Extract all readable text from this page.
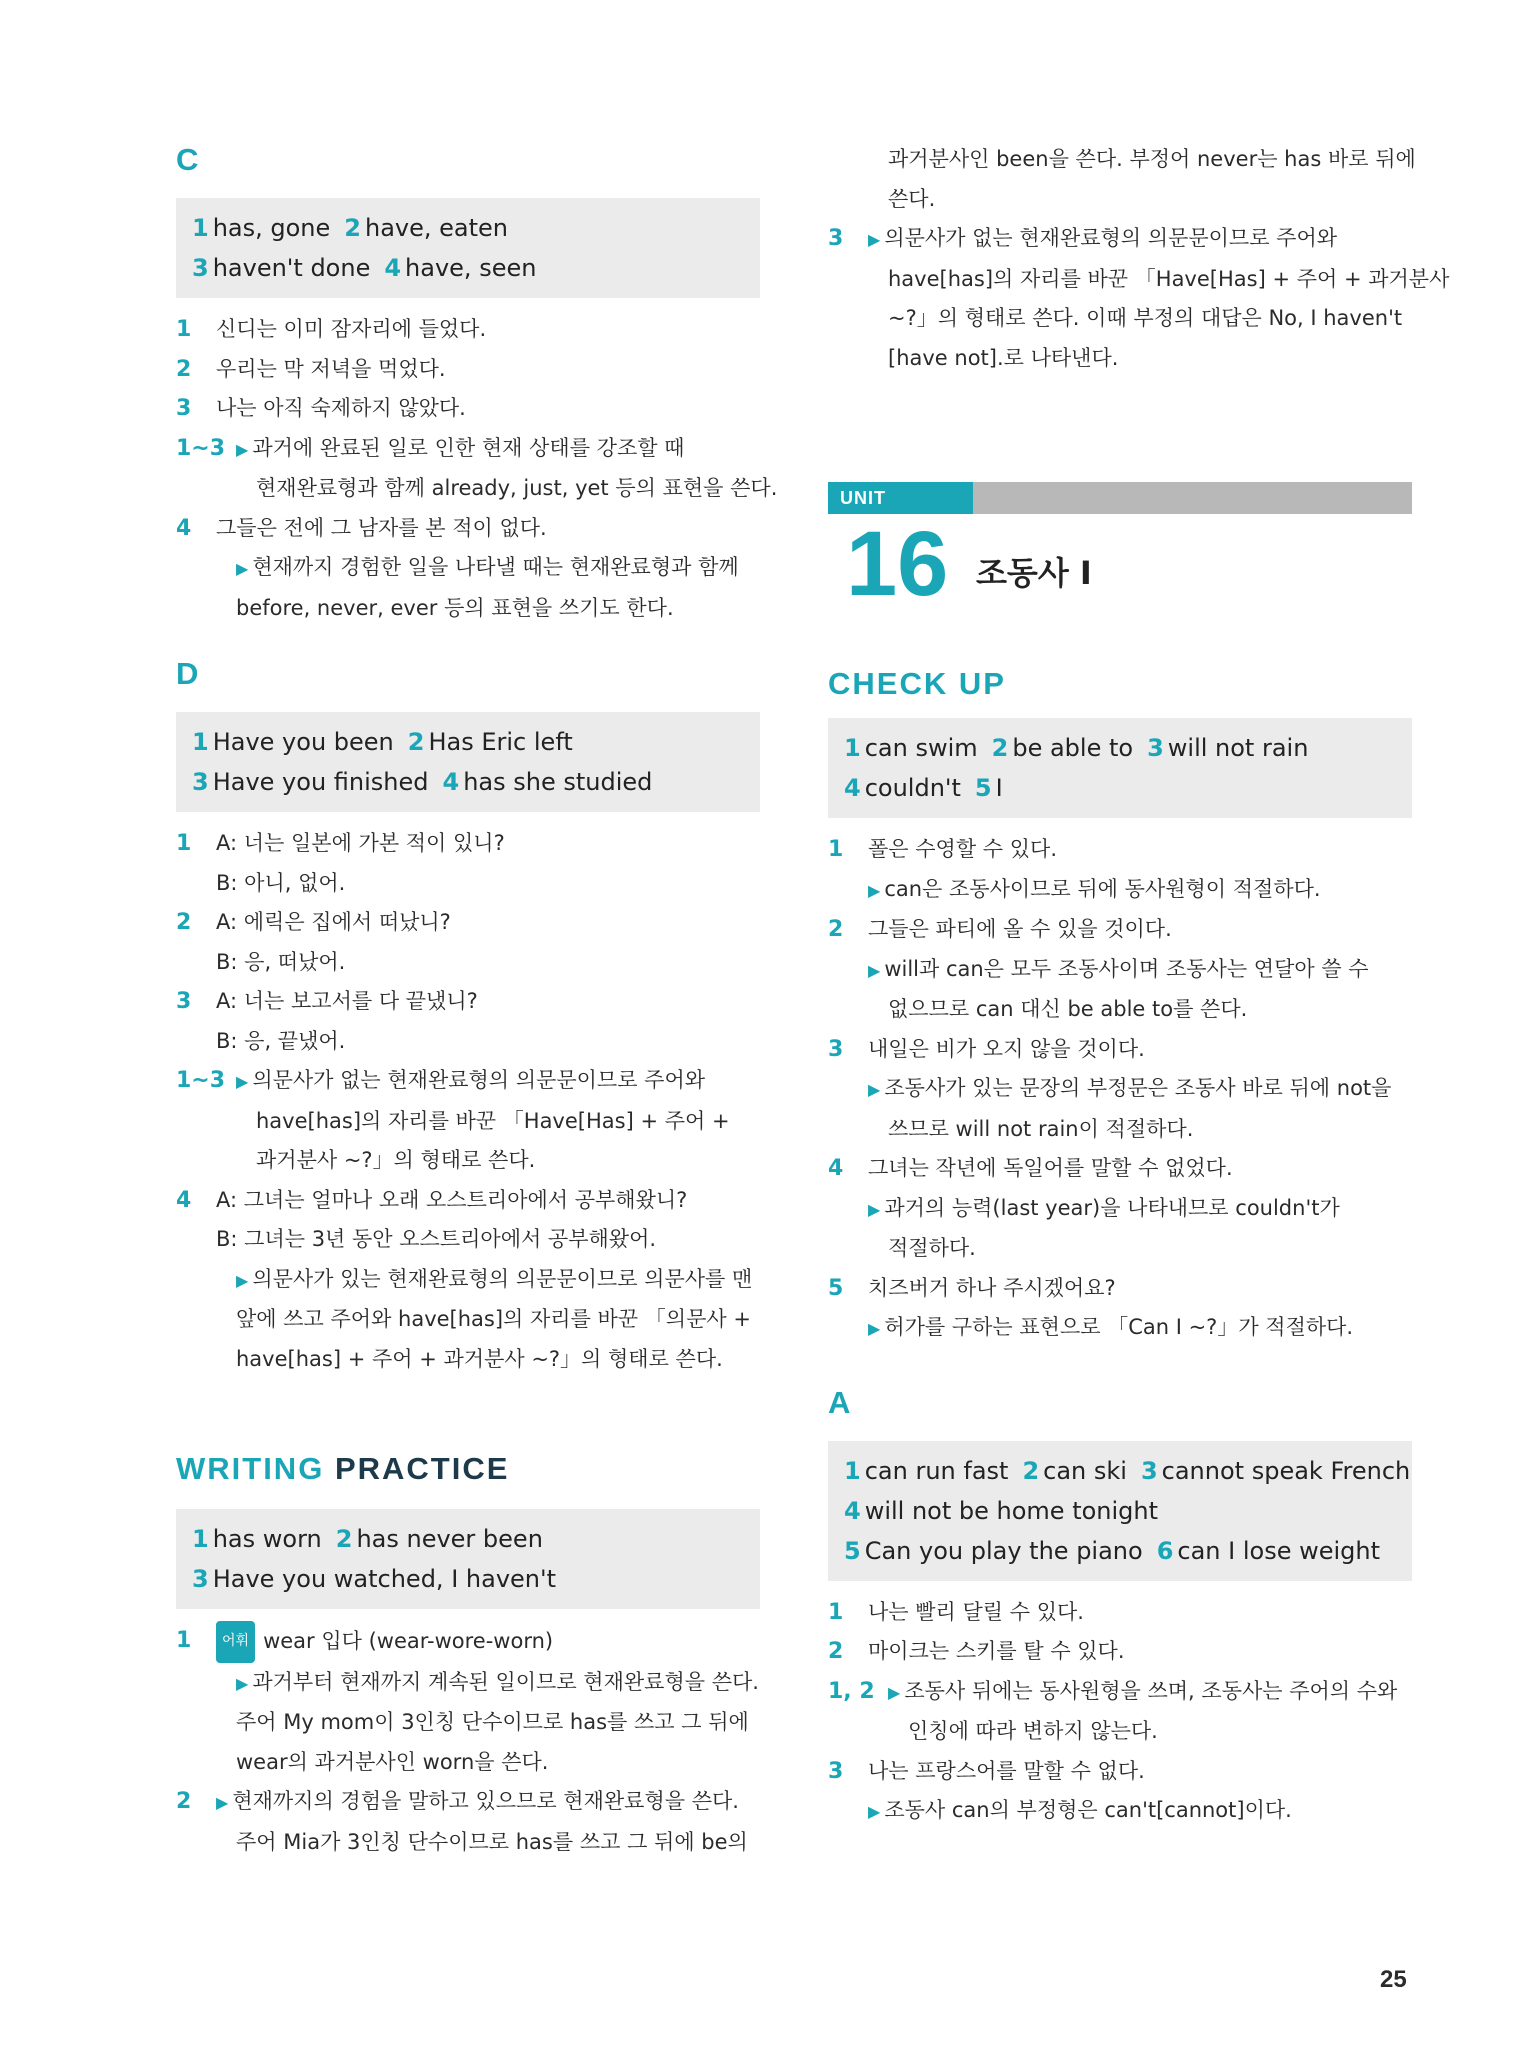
C
1 has, gone 2 have, eaten
3 haven't done 4 have, seen
1 신디는 이미 잠자리에 들었다.
2 우리는 막 저녁을 먹었다.
3 나는 아직 숙제하지 않았다.
1~3 ▶ 과거에 완료된 일로 인한 현재 상태를 강조할 때
현재완료형과 함께 already, just, yet 등의 표현을 쓴다.
4 그들은 전에 그 남자를 본 적이 없다.
▶ 현재까지 경험한 일을 나타낼 때는 현재완료형과 함께
before, never, ever 등의 표현을 쓰기도 한다.
D
1 Have you been 2 Has Eric left
3 Have you finished 4 has she studied
1 A: 너는 일본에 가본 적이 있니?
B: 아니, 없어.
2 A: 에릭은 집에서 떠났니?
B: 응, 떠났어.
3 A: 너는 보고서를 다 끝냈니?
B: 응, 끝냈어.
1~3 ▶ 의문사가 없는 현재완료형의 의문문이므로 주어와
have[has]의 자리를 바꾼 「Have[Has] + 주어 +
과거분사 ~?」의 형태로 쓴다.
4 A: 그녀는 얼마나 오래 오스트리아에서 공부해왔니?
B: 그녀는 3년 동안 오스트리아에서 공부해왔어.
▶ 의문사가 있는 현재완료형의 의문문이므로 의문사를 맨
앞에 쓰고 주어와 have[has]의 자리를 바꾼 「의문사 +
have[has] + 주어 + 과거분사 ~?」의 형태로 쓴다.
WRITING PRACTICE
1 has worn 2 has never been
3 Have you watched, I haven't
1 어휘 wear 입다 (wear-wore-worn)
▶ 과거부터 현재까지 계속된 일이므로 현재완료형을 쓴다.
주어 My mom이 3인칭 단수이므로 has를 쓰고 그 뒤에
wear의 과거분사인 worn을 쓴다.
2 ▶ 현재까지의 경험을 말하고 있으므로 현재완료형을 쓴다.
주어 Mia가 3인칭 단수이므로 has를 쓰고 그 뒤에 be의
과거분사인 been을 쓴다. 부정어 never는 has 바로 뒤에
쓴다.
3 ▶ 의문사가 없는 현재완료형의 의문문이므로 주어와
have[has]의 자리를 바꾼 「Have[Has] + 주어 + 과거분사
~?」의 형태로 쓴다. 이때 부정의 대답은 No, I haven't
[have not].로 나타낸다.
UNIT
16 조동사 I
CHECK UP
1 can swim 2 be able to 3 will not rain
4 couldn't 5 I
1 폴은 수영할 수 있다.
▶ can은 조동사이므로 뒤에 동사원형이 적절하다.
2 그들은 파티에 올 수 있을 것이다.
▶ will과 can은 모두 조동사이며 조동사는 연달아 쓸 수
없으므로 can 대신 be able to를 쓴다.
3 내일은 비가 오지 않을 것이다.
▶ 조동사가 있는 문장의 부정문은 조동사 바로 뒤에 not을
쓰므로 will not rain이 적절하다.
4 그녀는 작년에 독일어를 말할 수 없었다.
▶ 과거의 능력(last year)을 나타내므로 couldn't가
적절하다.
5 치즈버거 하나 주시겠어요?
▶ 허가를 구하는 표현으로 「Can I ~?」가 적절하다.
A
1 can run fast 2 can ski 3 cannot speak French
4 will not be home tonight
5 Can you play the piano 6 can I lose weight
1 나는 빨리 달릴 수 있다.
2 마이크는 스키를 탈 수 있다.
1, 2 ▶ 조동사 뒤에는 동사원형을 쓰며, 조동사는 주어의 수와
인칭에 따라 변하지 않는다.
3 나는 프랑스어를 말할 수 없다.
▶ 조동사 can의 부정형은 can't[cannot]이다.
25
